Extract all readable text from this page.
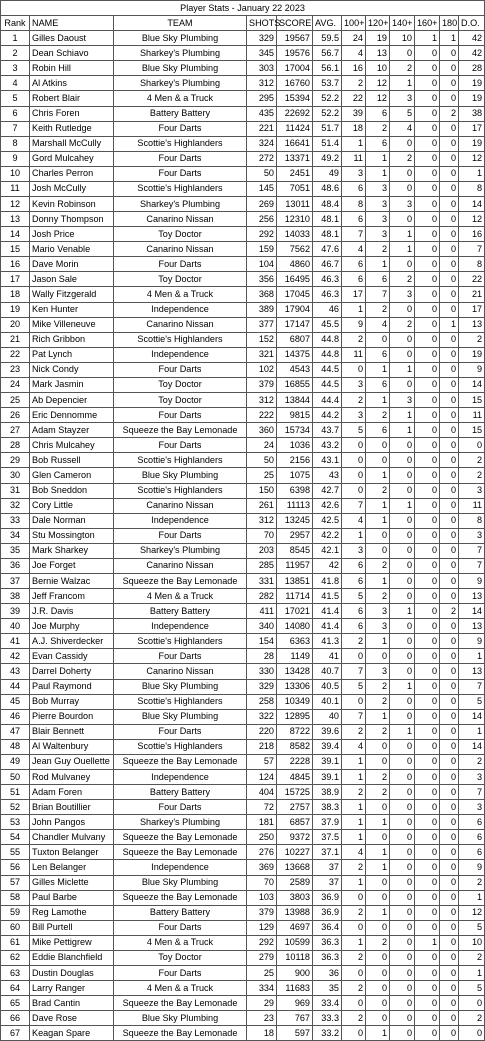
Player Stats - January 22 2023											
Rank	NAME	TEAM	SHOTS	SCORE	AVG.	100+	120+	140+	160+	180	D.O.
1	Gilles Daoust	Blue Sky Plumbing	329	19567	59.5	24	19	10	1	1	42
2	Dean Schiavo	Sharkey's Plumbing	345	19576	56.7	4	13	0	0	0	42
3	Robin Hill	Blue Sky Plumbing	303	17004	56.1	16	10	2	0	0	28
4	Al Atkins	Sharkey's Plumbing	312	16760	53.7	2	12	1	0	0	19
5	Robert Blair	4 Men & a Truck	295	15394	52.2	22	12	3	0	0	19
6	Chris Foren	Battery Battery	435	22692	52.2	39	6	5	0	2	38
7	Keith Rutledge	Four Darts	221	11424	51.7	18	2	4	0	0	17
8	Marshall McCully	Scottie's Highlanders	324	16641	51.4	1	6	0	0	0	19
9	Gord Mulcahey	Four Darts	272	13371	49.2	11	1	2	0	0	12
10	Charles Perron	Four Darts	50	2451	49	3	1	0	0	0	1
11	Josh McCully	Scottie's Highlanders	145	7051	48.6	6	3	0	0	0	8
12	Kevin Robinson	Sharkey's Plumbing	269	13011	48.4	8	3	3	0	0	14
13	Donny Thompson	Canarino Nissan	256	12310	48.1	6	3	0	0	0	12
14	Josh Price	Toy Doctor	292	14033	48.1	7	3	1	0	0	16
15	Mario Venable	Canarino Nissan	159	7562	47.6	4	2	1	0	0	7
16	Dave Morin	Four Darts	104	4860	46.7	6	1	0	0	0	8
17	Jason Sale	Toy Doctor	356	16495	46.3	6	6	2	0	0	22
18	Wally Fitzgerald	4 Men & a Truck	368	17045	46.3	17	7	3	0	0	21
19	Ken Hunter	Independence	389	17904	46	1	2	0	0	0	17
20	Mike Villeneuve	Canarino Nissan	377	17147	45.5	9	4	2	0	1	13
21	Rich Gribbon	Scottie's Highlanders	152	6807	44.8	2	0	0	0	0	2
22	Pat Lynch	Independence	321	14375	44.8	11	6	0	0	0	19
23	Nick Condy	Four Darts	102	4543	44.5	0	1	1	0	0	9
24	Mark Jasmin	Toy Doctor	379	16855	44.5	3	6	0	0	0	14
25	Ab Depencier	Toy Doctor	312	13844	44.4	2	1	3	0	0	15
26	Eric Dennomme	Four Darts	222	9815	44.2	3	2	1	0	0	11
27	Adam Stayzer	Squeeze the Bay Lemonade	360	15734	43.7	5	6	1	0	0	15
28	Chris Mulcahey	Four Darts	24	1036	43.2	0	0	0	0	0	0
29	Bob Russell	Scottie's Highlanders	50	2156	43.1	0	0	0	0	0	2
30	Glen Cameron	Blue Sky Plumbing	25	1075	43	0	1	0	0	0	2
31	Bob Sneddon	Scottie's Highlanders	150	6398	42.7	0	2	0	0	0	3
32	Cory Little	Canarino Nissan	261	11113	42.6	7	1	1	0	0	11
33	Dale Norman	Independence	312	13245	42.5	4	1	0	0	0	8
34	Stu Mossington	Four Darts	70	2957	42.2	1	0	0	0	0	3
35	Mark Sharkey	Sharkey's Plumbing	203	8545	42.1	3	0	0	0	0	7
36	Joe Forget	Canarino Nissan	285	11957	42	6	2	0	0	0	7
37	Bernie Walzac	Squeeze the Bay Lemonade	331	13851	41.8	6	1	0	0	0	9
38	Jeff Francom	4 Men & a Truck	282	11714	41.5	5	2	0	0	0	13
39	J.R. Davis	Battery Battery	411	17021	41.4	6	3	1	0	2	14
40	Joe Murphy	Independence	340	14080	41.4	6	3	0	0	0	13
41	A.J. Shiverdecker	Scottie's Highlanders	154	6363	41.3	2	1	0	0	0	9
42	Evan Cassidy	Four Darts	28	1149	41	0	0	0	0	0	1
43	Darrel Doherty	Canarino Nissan	330	13428	40.7	7	3	0	0	0	13
44	Paul Raymond	Blue Sky Plumbing	329	13306	40.5	5	2	1	0	0	7
45	Bob Murray	Scottie's Highlanders	258	10349	40.1	0	2	0	0	0	5
46	Pierre Bourdon	Blue Sky Plumbing	322	12895	40	7	1	0	0	0	14
47	Blair Bennett	Four Darts	220	8722	39.6	2	2	1	0	0	1
48	Al Waltenbury	Scottie's Highlanders	218	8582	39.4	4	0	0	0	0	14
49	Jean Guy Ouellette	Squeeze the Bay Lemonade	57	2228	39.1	1	0	0	0	0	2
50	Rod Mulvaney	Independence	124	4845	39.1	1	2	0	0	0	3
51	Adam Foren	Battery Battery	404	15725	38.9	2	2	0	0	0	7
52	Brian Boutillier	Four Darts	72	2757	38.3	1	0	0	0	0	3
53	John Pangos	Sharkey's Plumbing	181	6857	37.9	1	1	0	0	0	6
54	Chandler Mulvany	Squeeze the Bay Lemonade	250	9372	37.5	1	0	0	0	0	6
55	Tuxton Belanger	Squeeze the Bay Lemonade	276	10227	37.1	4	1	0	0	0	6
56	Len Belanger	Independence	369	13668	37	2	1	0	0	0	9
57	Gilles Miclette	Blue Sky Plumbing	70	2589	37	1	0	0	0	0	2
58	Paul Barbe	Squeeze the Bay Lemonade	103	3803	36.9	0	0	0	0	0	1
59	Reg Lamothe	Battery Battery	379	13988	36.9	2	1	0	0	0	12
60	Bill Purtell	Four Darts	129	4697	36.4	0	0	0	0	0	5
61	Mike Pettigrew	4 Men & a Truck	292	10599	36.3	1	2	0	1	0	10
62	Eddie Blanchfield	Toy Doctor	279	10118	36.3	2	0	0	0	0	2
63	Dustin Douglas	Four Darts	25	900	36	0	0	0	0	0	1
64	Larry Ranger	4 Men & a Truck	334	11683	35	2	0	0	0	0	5
65	Brad Cantin	Squeeze the Bay Lemonade	29	969	33.4	0	0	0	0	0	0
66	Dave Rose	Blue Sky Plumbing	23	767	33.3	2	0	0	0	0	2
67	Keagan Spare	Squeeze the Bay Lemonade	18	597	33.2	0	1	0	0	0	0
